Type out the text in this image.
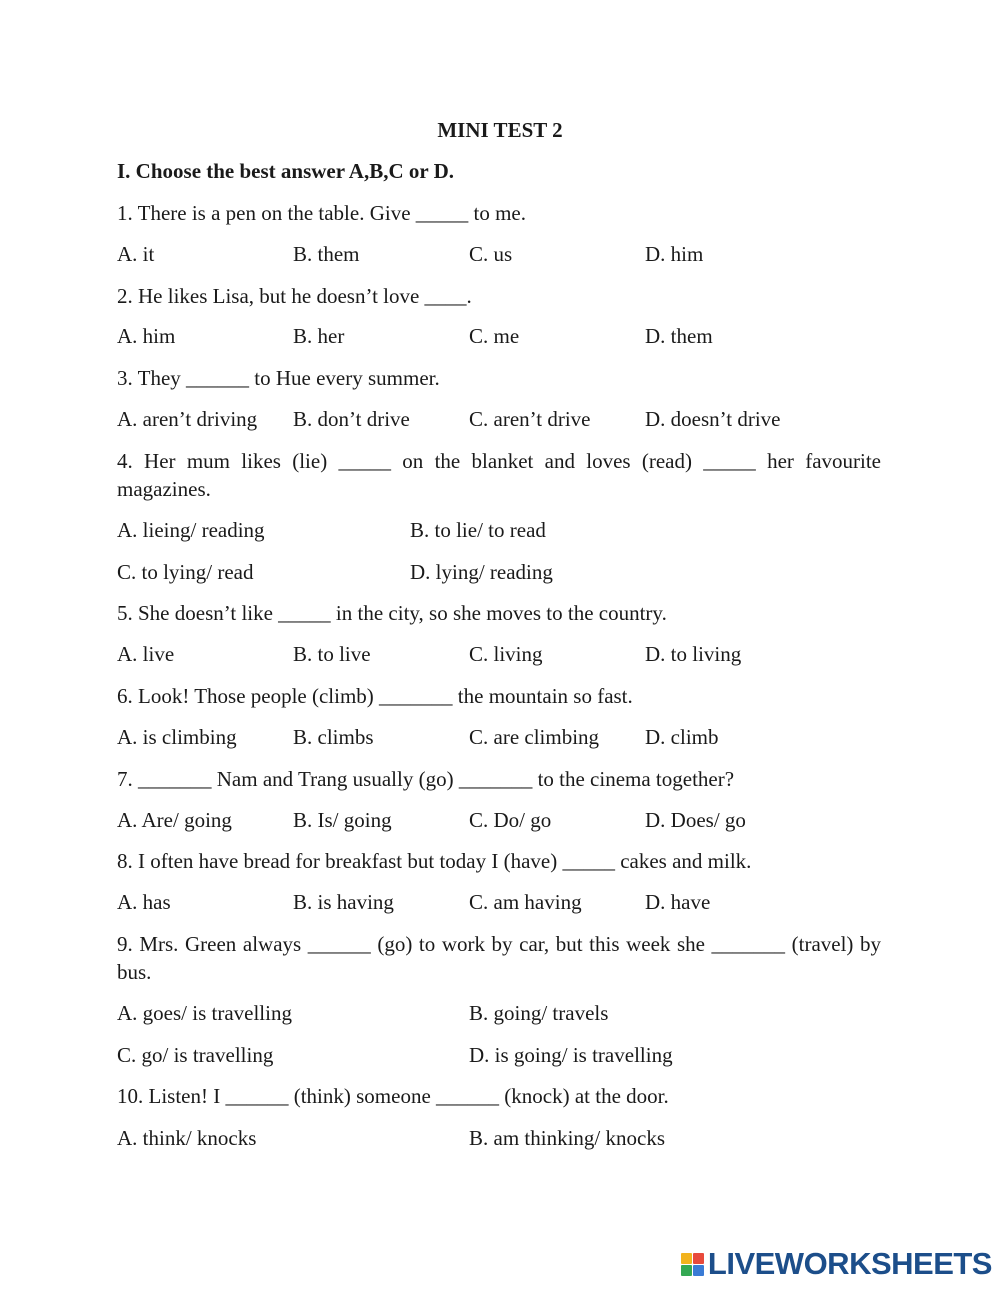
MINI TEST 2
I. Choose the best answer A,B,C or D.
1. There is a pen on the table. Give _____ to me.
A. it	B. them	C. us	D. him
2. He likes Lisa, but he doesn’t love ____.
A. him	B. her	C. me	D. them
3. They ______ to Hue every summer.
A. aren’t driving B. don’t drive	C. aren’t drive	D. doesn’t drive
4. Her mum likes (lie) _____ on the blanket and loves (read) _____ her favourite magazines.
A. lieing/ reading	B. to lie/ to read
C. to lying/ read	D. lying/ reading
5. She doesn’t like _____ in the city, so she moves to the country.
A. live	B. to live	C. living	D. to living
6. Look! Those people (climb) _______ the mountain so fast.
A. is climbing	B. climbs	C. are climbing D. climb
7. _______ Nam and Trang usually (go) _______ to the cinema together?
A. Are/ going	B. Is/ going	C. Do/ go	D. Does/ go
8. I often have bread for breakfast but today I (have) _____ cakes and milk.
A. has	B. is having	C. am having	D. have
9. Mrs. Green always ______ (go) to work by car, but this week she _______ (travel) by bus.
A. goes/ is travelling	B. going/ travels
C. go/ is travelling	D. is going/ is travelling
10. Listen! I ______ (think) someone ______ (knock) at the door.
A. think/ knocks	B. am thinking/ knocks
LIVEWORKSHEETS
